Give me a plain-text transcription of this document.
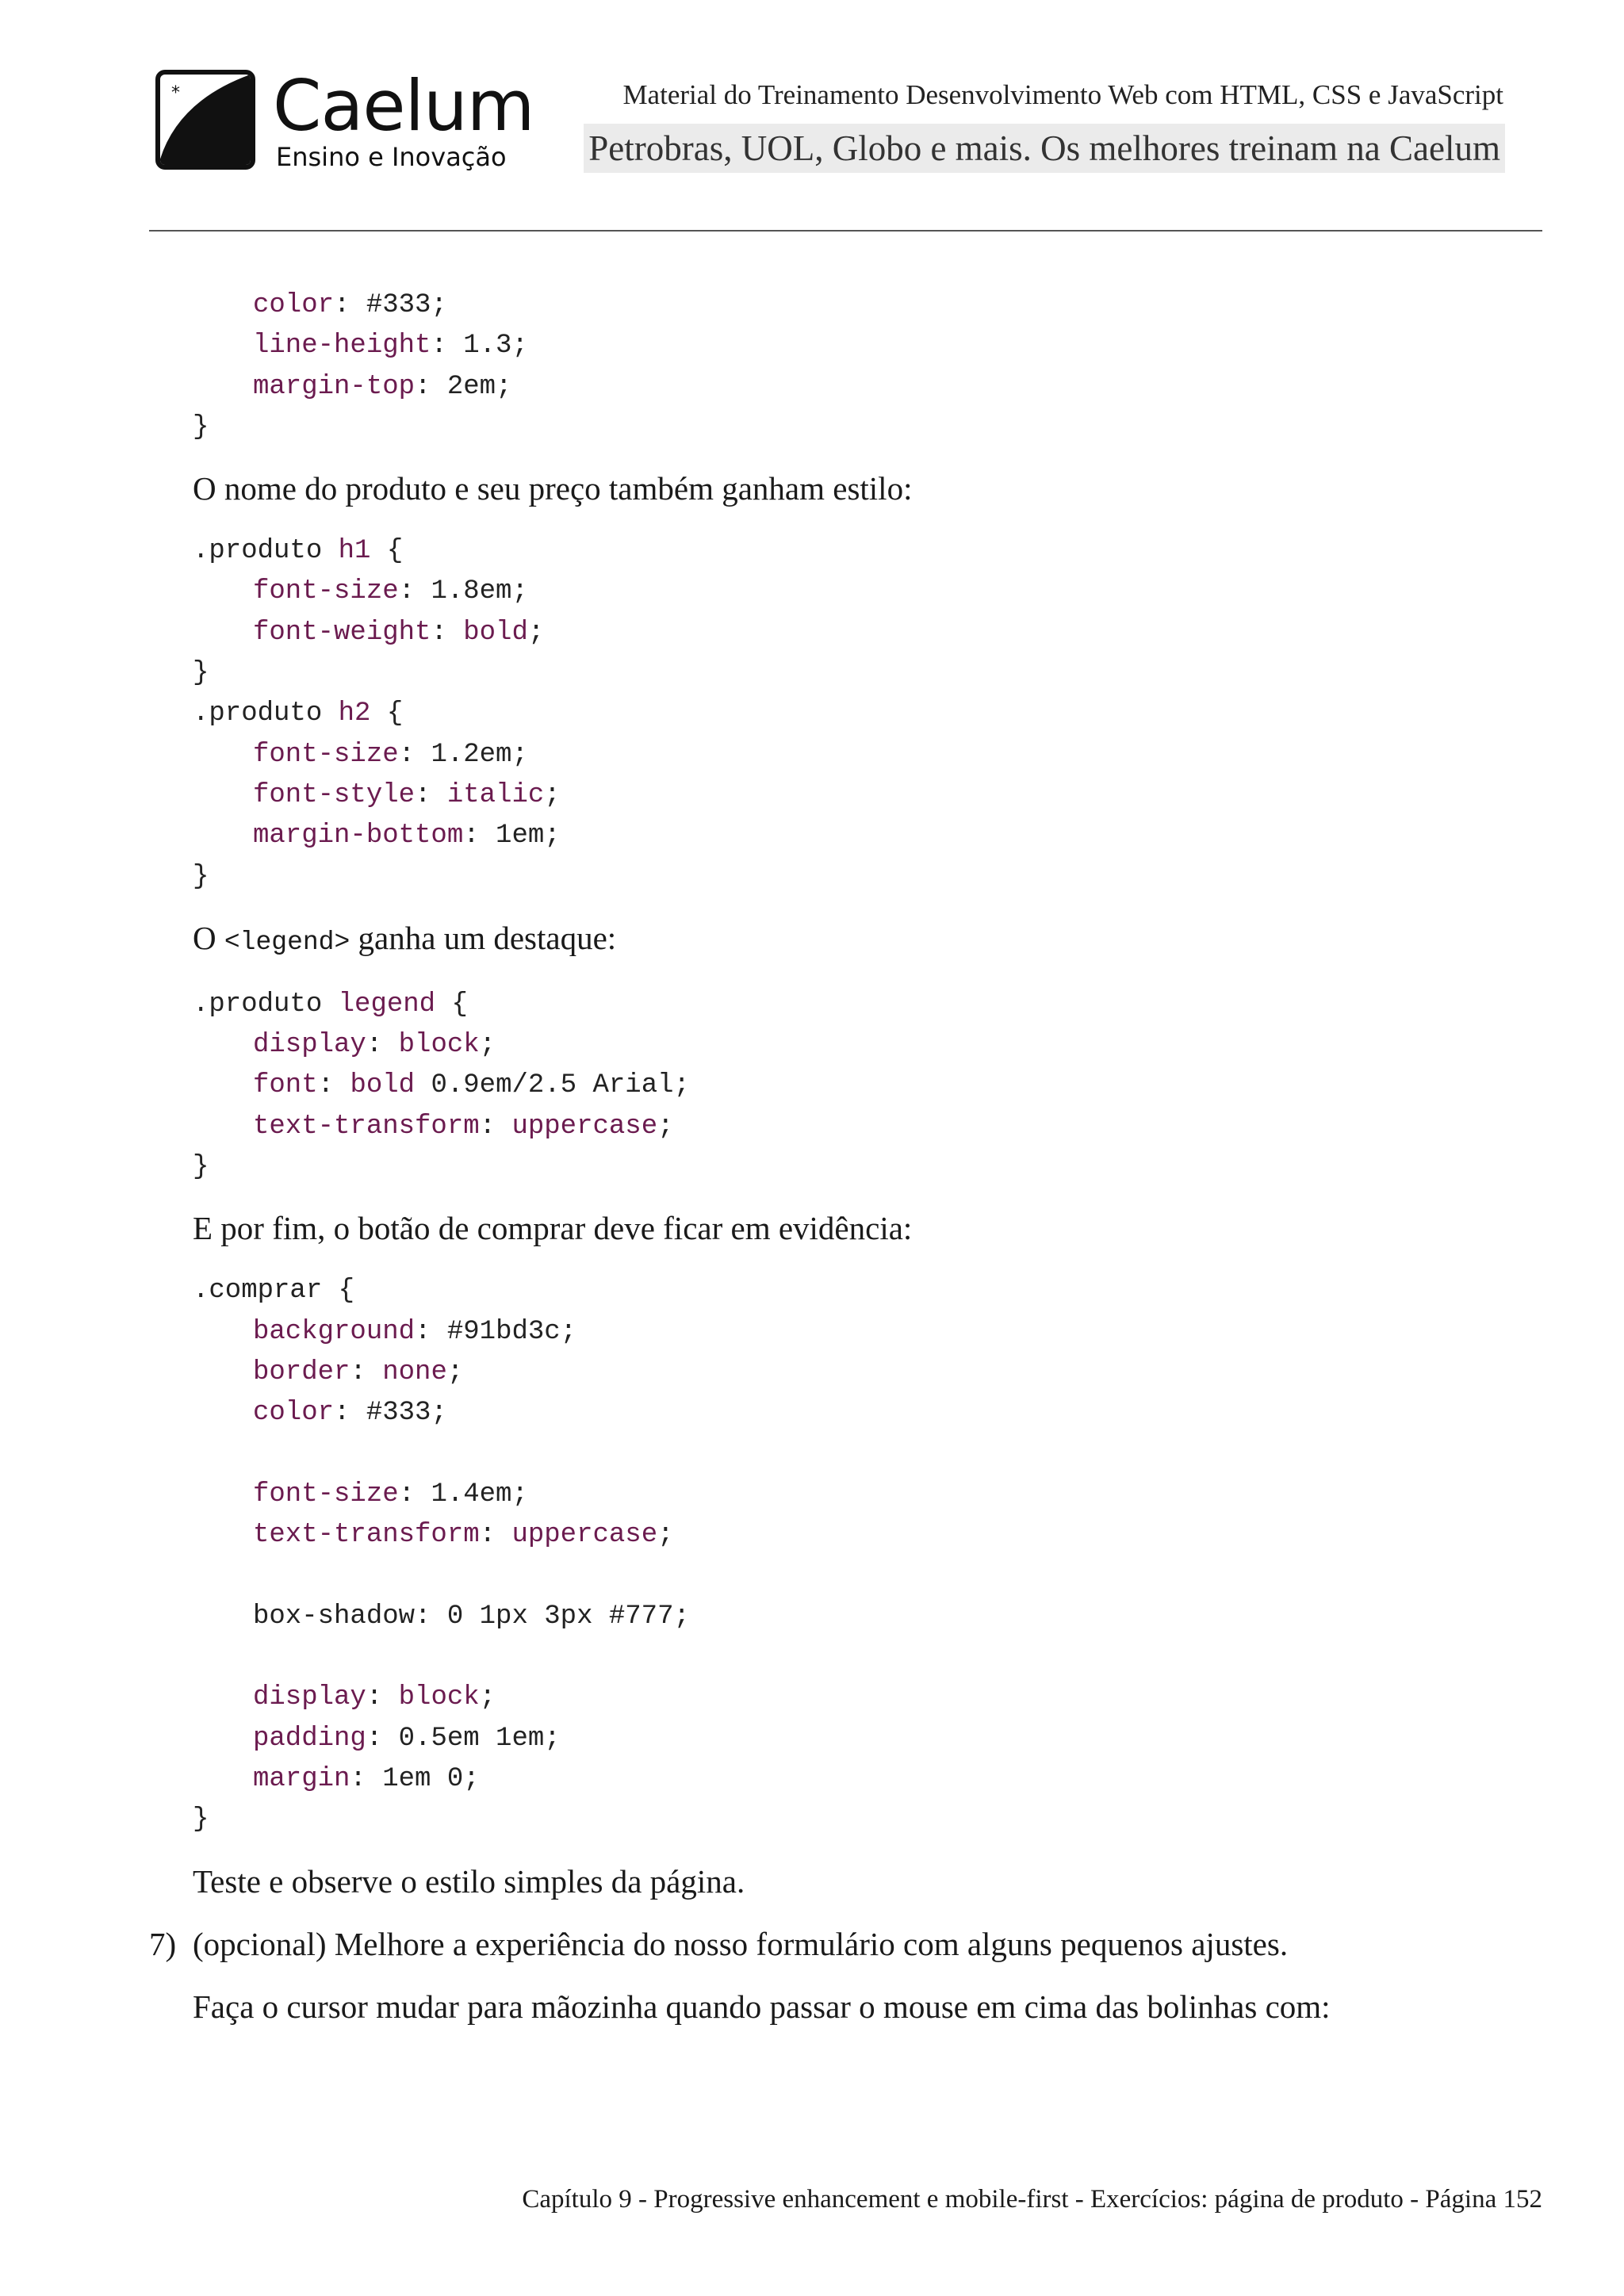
* Caelum
Ensino e Inovação
Material do Treinamento Desenvolvimento Web com HTML, CSS e JavaScript
Petrobras, UOL, Globo e mais. Os melhores treinam na Caelum
color: #333;
line-height: 1.3;
margin-top: 2em;
}

O nome do produto e seu preço também ganham estilo:

.produto h1 {
font-size: 1.8em;
font-weight: bold;
}
.produto h2 {
font-size: 1.2em;
font-style: italic;
margin-bottom: 1em;
}

O <legend> ganha um destaque:

.produto legend {
display: block;
font: bold 0.9em/2.5 Arial;
text-transform: uppercase;
}

E por fim, o botão de comprar deve ficar em evidência:

.comprar {
background: #91bd3c;
border: none;
color: #333;
font-size: 1.4em;
text-transform: uppercase;
box-shadow: 0 1px 3px #777;
display: block;
padding: 0.5em 1em;
margin: 1em 0;
}

Teste e observe o estilo simples da página.

7) (opcional) Melhore a experiência do nosso formulário com alguns pequenos ajustes.

Faça o cursor mudar para mãozinha quando passar o mouse em cima das bolinhas com:

Capítulo 9 - Progressive enhancement e mobile-first - Exercícios: página de produto - Página 152
